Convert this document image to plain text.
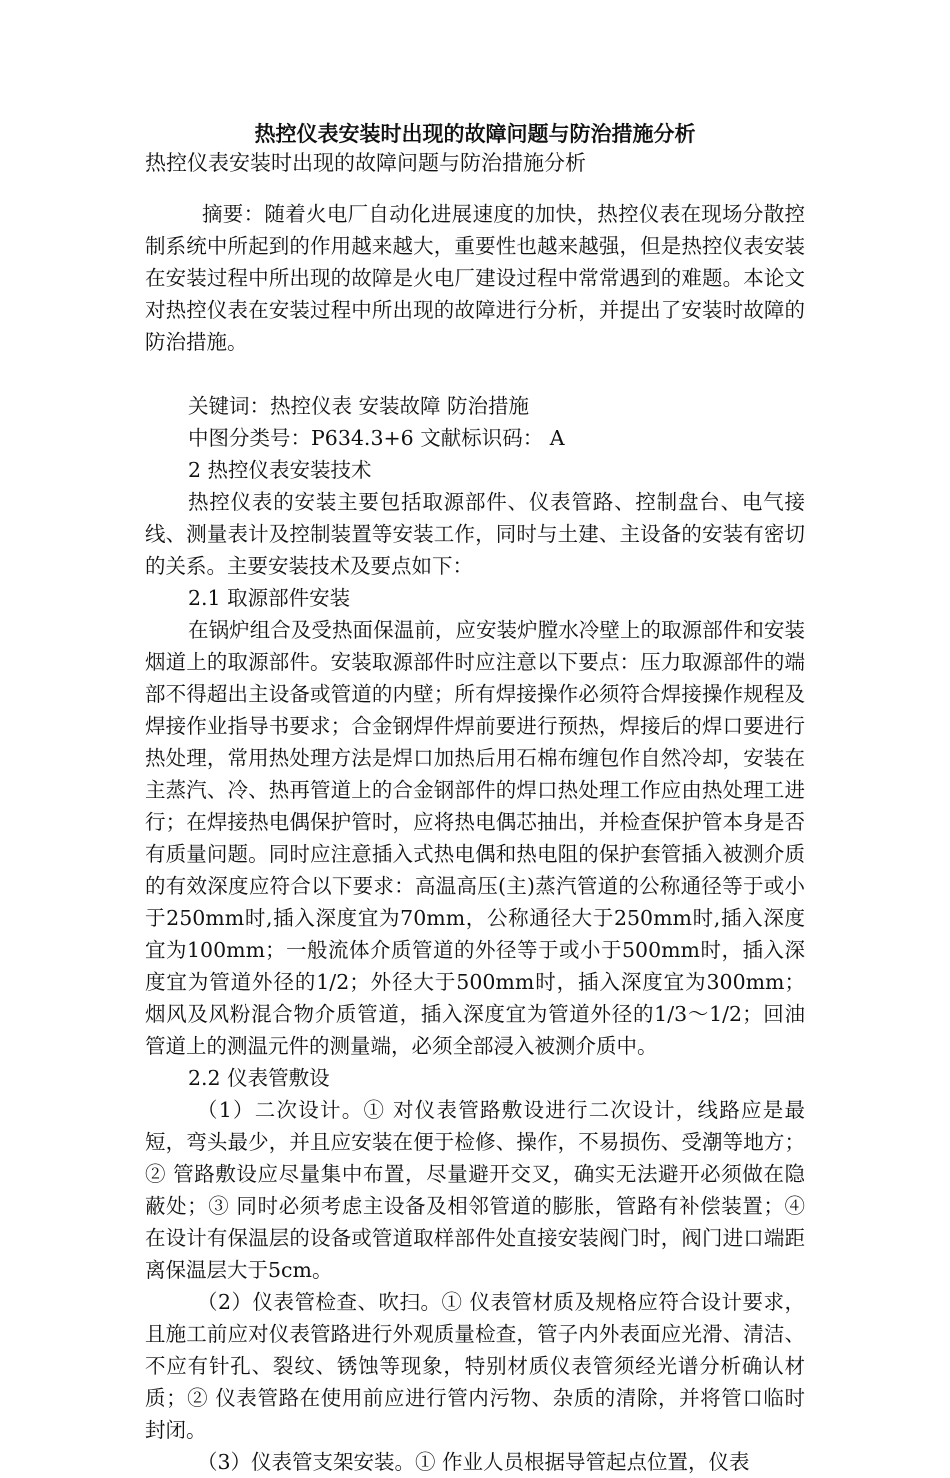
热控仪表安装时出现的故障问题与防治措施分析
热控仪表安装时出现的故障问题与防治措施分析

摘要：随着火电厂自动化进展速度的加快，热控仪表在现场分散控制系统中所起到的作用越来越大，重要性也越来越强，但是热控仪表安装在安装过程中所出现的故障是火电厂建设过程中常常遇到的难题。本论文对热控仪表在安装过程中所出现的故障进行分析，并提出了安装时故障的防治措施。

关键词：热控仪表 安装故障 防治措施

中图分类号：P634.3+6 文献标识码： A

2 热控仪表安装技术

热控仪表的安装主要包括取源部件、仪表管路、控制盘台、电气接线、测量表计及控制装置等安装工作，同时与土建、主设备的安装有密切的关系。主要安装技术及要点如下：

2.1 取源部件安装

在锅炉组合及受热面保温前，应安装炉膛水冷壁上的取源部件和安装烟道上的取源部件。安装取源部件时应注意以下要点：压力取源部件的端部不得超出主设备或管道的内壁；所有焊接操作必须符合焊接操作规程及焊接作业指导书要求；合金钢焊件焊前要进行预热，焊接后的焊口要进行热处理，常用热处理方法是焊口加热后用石棉布缠包作自然冷却，安装在主蒸汽、冷、热再管道上的合金钢部件的焊口热处理工作应由热处理工进行；在焊接热电偶保护管时，应将热电偶芯抽出，并检查保护管本身是否有质量问题。同时应注意插入式热电偶和热电阻的保护套管插入被测介质的有效深度应符合以下要求：高温高压(主)蒸汽管道的公称通径等于或小于250mm时,插入深度宜为70mm，公称通径大于250mm时,插入深度宜为100mm；一般流体介质管道的外径等于或小于500mm时，插入深度宜为管道外径的1/2；外径大于500mm时，插入深度宜为300mm；烟风及风粉混合物介质管道，插入深度宜为管道外径的1/3～1/2；回油管道上的测温元件的测量端，必须全部浸入被测介质中。

2.2 仪表管敷设

（1）二次设计。① 对仪表管路敷设进行二次设计，线路应是最短，弯头最少，并且应安装在便于检修、操作，不易损伤、受潮等地方；② 管路敷设应尽量集中布置，尽量避开交叉，确实无法避开必须做在隐蔽处；③ 同时必须考虑主设备及相邻管道的膨胀，管路有补偿装置；④ 在设计有保温层的设备或管道取样部件处直接安装阀门时，阀门进口端距离保温层大于5cm。

（2）仪表管检查、吹扫。① 仪表管材质及规格应符合设计要求，且施工前应对仪表管路进行外观质量检查，管子内外表面应光滑、清洁、不应有针孔、裂纹、锈蚀等现象，特别材质仪表管须经光谱分析确认材质；② 仪表管路在使用前应进行管内污物、杂质的清除，并将管口临时封闭。

（3）仪表管支架安装。① 作业人员根据导管起点位置，仪表
